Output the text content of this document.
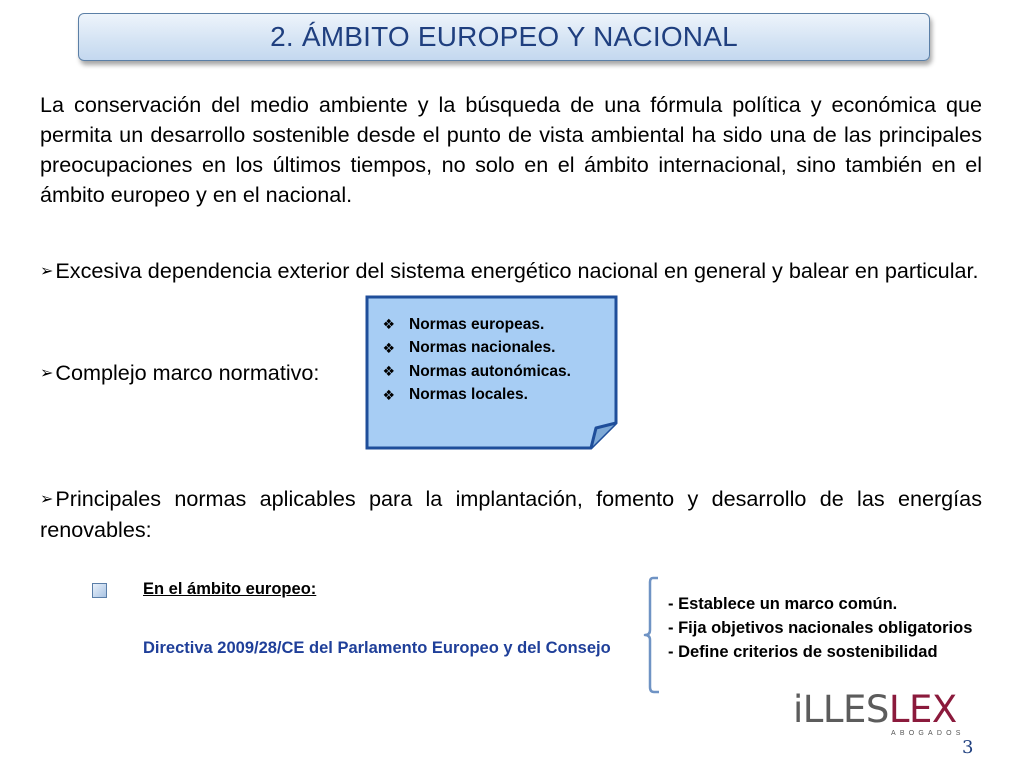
2. ÁMBITO EUROPEO Y NACIONAL

La conservación del medio ambiente y la búsqueda de una fórmula política y económica que permita un desarrollo sostenible desde el punto de vista ambiental ha sido una de las principales preocupaciones en los últimos tiempos, no solo en el ámbito internacional, sino también en el ámbito europeo y en el nacional.

➢Excesiva dependencia exterior del sistema energético nacional en general y balear en particular.

➢Complejo marco normativo:

❖ Normas europeas.
❖ Normas nacionales.
❖ Normas autonómicas.
❖ Normas locales.

➢Principales normas aplicables para la implantación, fomento y desarrollo de las energías renovables:

En el ámbito europeo:
Directiva 2009/28/CE del Parlamento Europeo y del Consejo
- Establece un marco común.
- Fija objetivos nacionales obligatorios
- Define criterios de sostenibilidad
iLLESLEX
ABOGADOS
3
